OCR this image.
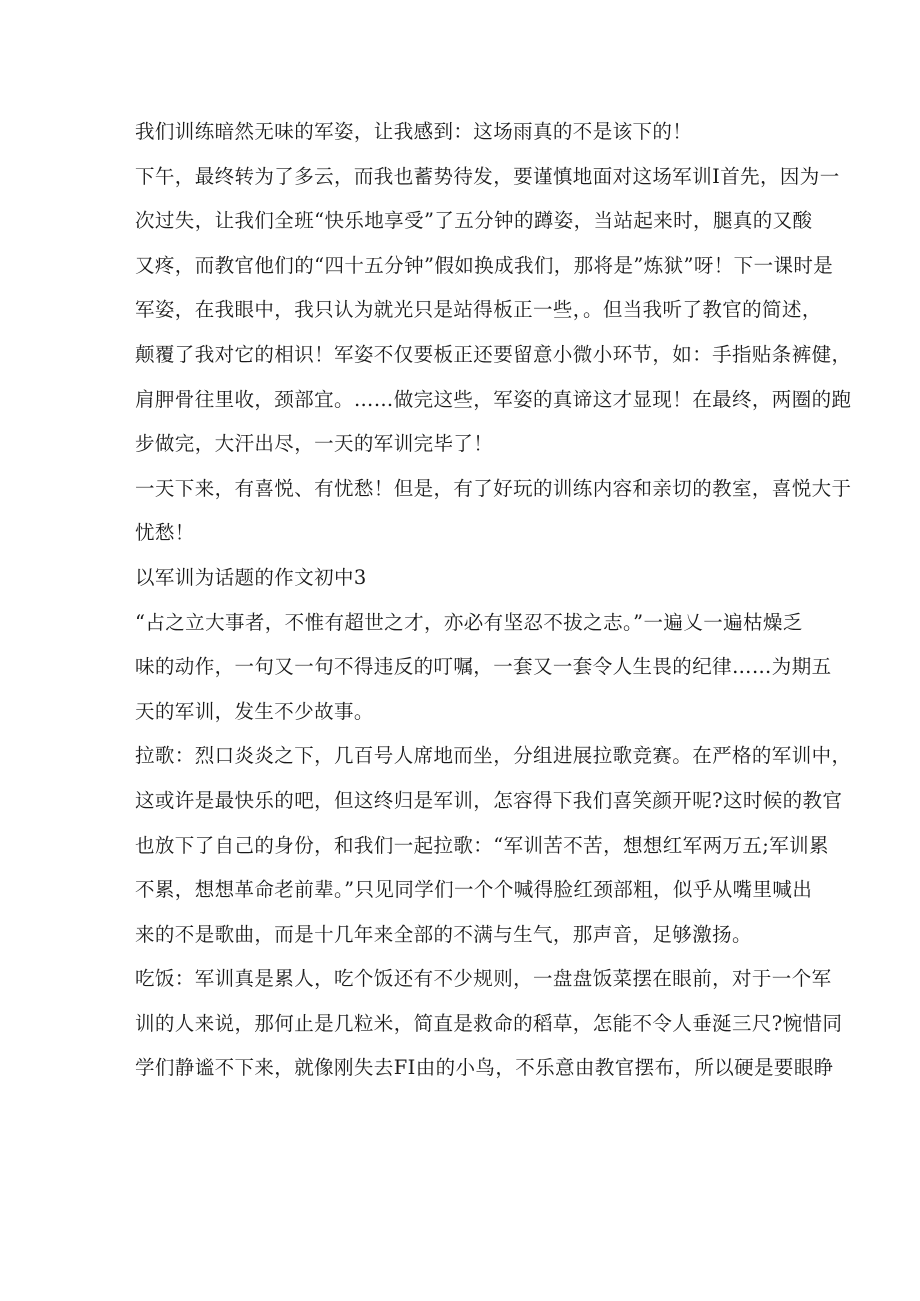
我们训练暗然无味的军姿，让我感到：这场雨真的不是该下的！
下午，最终转为了多云，而我也蓄势待发，要谨慎地面对这场军训I首先，因为一
次过失，让我们全班“快乐地享受”了五分钟的蹲姿，当站起来时，腿真的又酸
又疼，而教官他们的“四十五分钟”假如换成我们，那将是”炼狱”呀！下一课时是
军姿，在我眼中，我只认为就光只是站得板正一些，。但当我听了教官的简述，
颠覆了我对它的相识！军姿不仅要板正还要留意小微小环节，如：手指贴条裤健，
肩胛骨往里收，颈部宜。……做完这些，军姿的真谛这才显现！在最终，两圈的跑
步做完，大汗出尽，一天的军训完毕了！
一天下来，有喜悦、有忧愁！但是，有了好玩的训练内容和亲切的教室，喜悦大于
忧愁！
以军训为话题的作文初中3
“占之立大事者，不惟有超世之才，亦必有坚忍不拔之志。”一遍乂一遍枯燥乏
味的动作，一句又一句不得违反的叮嘱，一套又一套令人生畏的纪律……为期五
天的军训，发生不少故事。
拉歌：烈口炎炎之下，几百号人席地而坐，分组进展拉歌竞赛。在严格的军训中，
这或许是最快乐的吧，但这终归是军训，怎容得下我们喜笑颜开呢?这时候的教官
也放下了自己的身份，和我们一起拉歌：“军训苦不苦，想想红军两万五;军训累
不累，想想革命老前辈。”只见同学们一个个喊得脸红颈部粗，似乎从嘴里喊出
来的不是歌曲，而是十几年来全部的不满与生气，那声音，足够激扬。
吃饭：军训真是累人，吃个饭还有不少规则，一盘盘饭菜摆在眼前，对于一个军
训的人来说，那何止是几粒米，简直是救命的稻草，怎能不令人垂涎三尺?惋惜同
学们静谧不下来，就像刚失去FI由的小鸟，不乐意由教官摆布，所以硬是要眼睁
